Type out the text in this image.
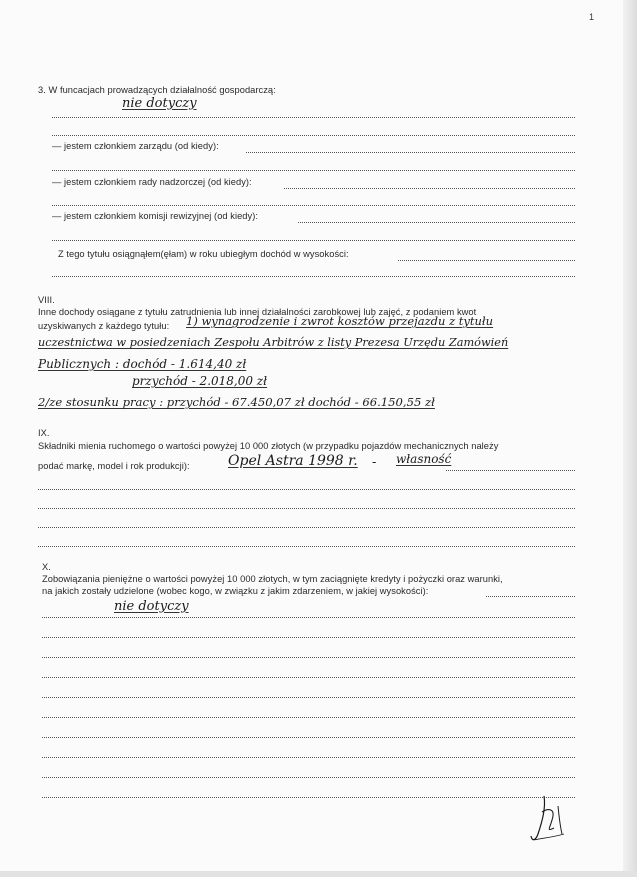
1
3. W funcacjach prowadzących działalność gospodarczą:
nie dotyczy
— jestem członkiem zarządu (od kiedy):
— jestem członkiem rady nadzorczej (od kiedy):
— jestem członkiem komisji rewizyjnej (od kiedy):
Z tego tytułu osiągnąłem(ęłam) w roku ubiegłym dochód w wysokości:
VIII.
Inne dochody osiągane z tytułu zatrudnienia lub innej działalności zarobkowej lub zajęć, z podaniem kwot
uzyskiwanych z każdego tytułu: 1) wynagrodzenie i zwrot kosztów przejazdu z tytułu
uczestnictwa w posiedzeniach Zespołu Arbitrów z listy Prezesa Urzędu Zamówień
Publicznych : dochód - 1.614,40 zł
przychód - 2.018,00 zł
2/ze stosunku pracy : przychód - 67.450,07 zł dochód - 66.150,55 zł
IX.
Składniki mienia ruchomego o wartości powyżej 10 000 złotych (w przypadku pojazdów mechanicznych należy
podać markę, model i rok produkcji):	Opel Astra 1998 r. - własność
X.
Zobowiązania pieniężne o wartości powyżej 10 000 złotych, w tym zaciągnięte kredyty i pożyczki oraz warunki,
na jakich zostały udzielone (wobec kogo, w związku z jakim zdarzeniem, w jakiej wysokości):
nie dotyczy
